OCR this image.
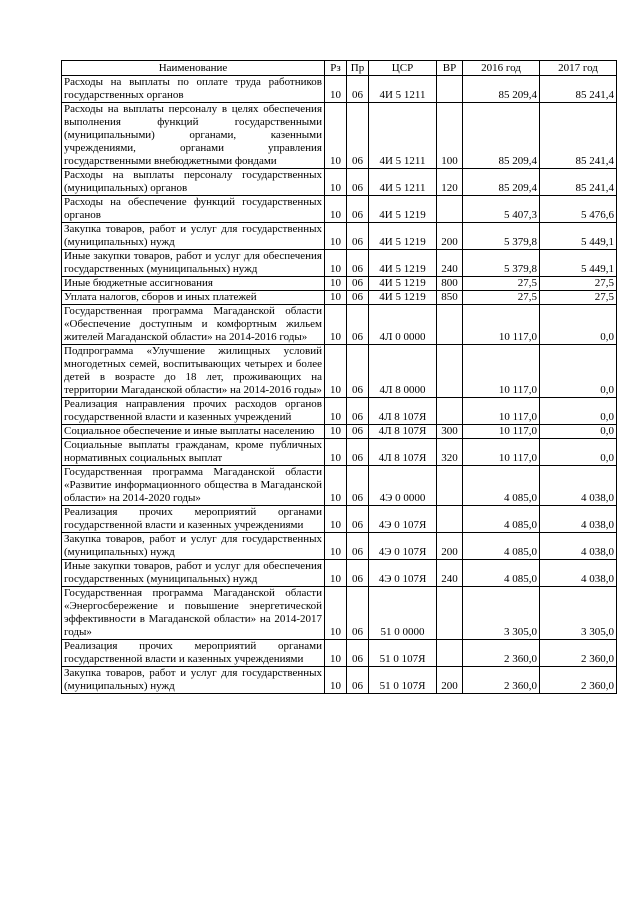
Наименование	Рз	Пр	ЦСР	ВР	2016 год	2017 год
Расходы на выплаты по оплате труда работников государственных органов	10	06	4И 5 1211		85 209,4	85 241,4
Расходы на выплаты персоналу в целях обеспечения выполнения функций государственными (муниципальными) органами, казенными учреждениями, органами управления государственными внебюджетными фондами	10	06	4И 5 1211	100	85 209,4	85 241,4
Расходы на выплаты персоналу государственных (муниципальных) органов	10	06	4И 5 1211	120	85 209,4	85 241,4
Расходы на обеспечение функций государственных органов	10	06	4И 5 1219		5 407,3	5 476,6
Закупка товаров, работ и услуг для государственных (муниципальных) нужд	10	06	4И 5 1219	200	5 379,8	5 449,1
Иные закупки товаров, работ и услуг для обеспечения государственных (муниципальных) нужд	10	06	4И 5 1219	240	5 379,8	5 449,1
Иные бюджетные ассигнования	10	06	4И 5 1219	800	27,5	27,5
Уплата налогов, сборов и иных платежей	10	06	4И 5 1219	850	27,5	27,5
Государственная программа Магаданской области «Обеспечение доступным и комфортным жильем жителей Магаданской области» на 2014-2016 годы»	10	06	4Л 0 0000		10 117,0	0,0
Подпрограмма «Улучшение жилищных условий многодетных семей, воспитывающих четырех и более детей в возрасте до 18 лет, проживающих на территории Магаданской области» на 2014-2016 годы»	10	06	4Л 8 0000		10 117,0	0,0
Реализация направления прочих расходов органов государственной власти и казенных учреждений	10	06	4Л 8 107Я		10 117,0	0,0
Социальное обеспечение и иные выплаты населению	10	06	4Л 8 107Я	300	10 117,0	0,0
Социальные выплаты гражданам, кроме публичных нормативных социальных выплат	10	06	4Л 8 107Я	320	10 117,0	0,0
Государственная программа Магаданской области «Развитие информационного общества в Магаданской области» на 2014-2020 годы»	10	06	4Э 0 0000		4 085,0	4 038,0
Реализация прочих мероприятий органами государственной власти и казенных учреждениями	10	06	4Э 0 107Я		4 085,0	4 038,0
Закупка товаров, работ и услуг для государственных (муниципальных) нужд	10	06	4Э 0 107Я	200	4 085,0	4 038,0
Иные закупки товаров, работ и услуг для обеспечения государственных (муниципальных) нужд	10	06	4Э 0 107Я	240	4 085,0	4 038,0
Государственная программа Магаданской области «Энергосбережение и повышение энергетической эффективности в Магаданской области» на 2014-2017 годы»	10	06	51 0 0000		3 305,0	3 305,0
Реализация прочих мероприятий органами государственной власти и казенных учреждениями	10	06	51 0 107Я		2 360,0	2 360,0
Закупка товаров, работ и услуг для государственных (муниципальных) нужд	10	06	51 0 107Я	200	2 360,0	2 360,0
